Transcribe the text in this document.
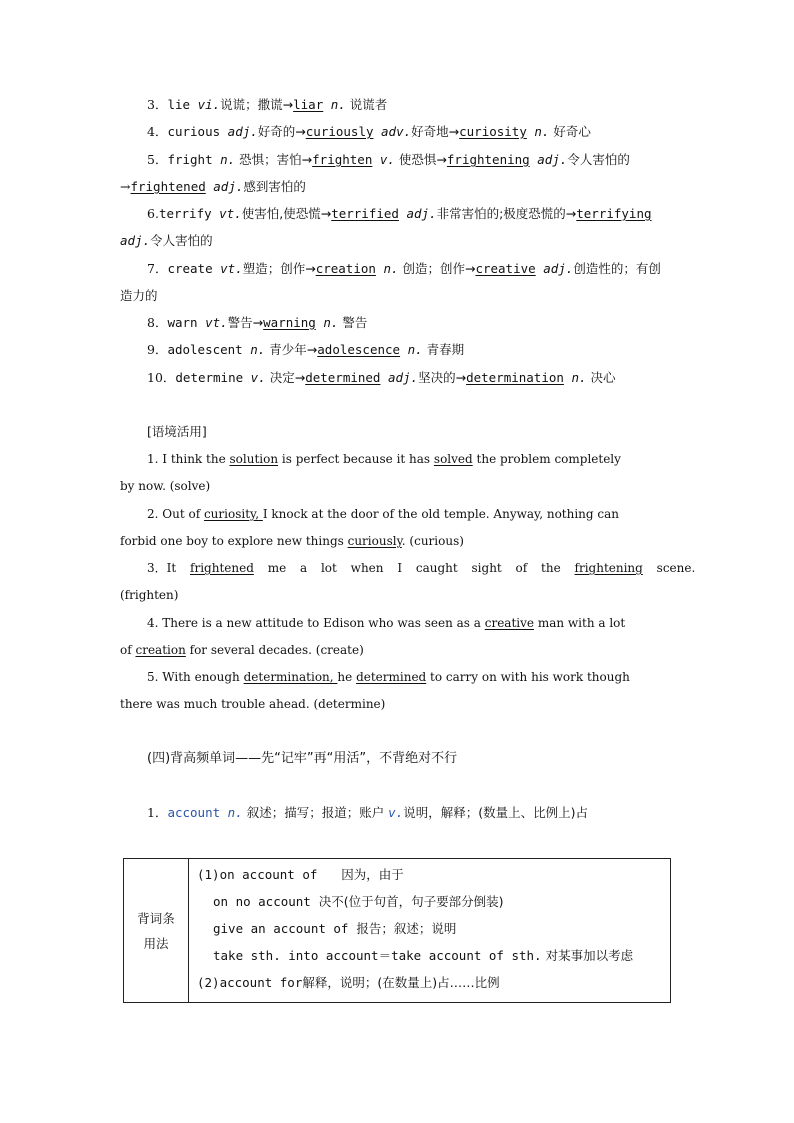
3．lie vi.说谎；撒谎→liar n. 说谎者
4．curious adj.好奇的→curiously adv.好奇地→curiosity n. 好奇心
5．fright n. 恐惧；害怕→frighten v. 使恐惧→frightening adj.令人害怕的
→frightened adj.感到害怕的
6.terrify vt.使害怕,使恐慌→terrified adj.非常害怕的;极度恐慌的→terrifying
adj.令人害怕的
7．create vt.塑造；创作→creation n. 创造；创作→creative adj.创造性的；有创
造力的
8．warn vt.警告→warning n. 警告
9．adolescent n. 青少年→adolescence n. 青春期
10．determine v. 决定→determined adj.坚决的→determination n. 决心
[语境活用]
1. I think the solution is perfect because it has solved the problem completely
by now. (solve)
2. Out of curiosity, I knock at the door of the old temple. Anyway, nothing can
forbid one boy to explore new things curiously. (curious)
3．It frightened me a lot when I caught sight of the frightening scene.
(frighten)
4. There is a new attitude to Edison who was seen as a creative man with a lot
of creation for several decades. (create)
5. With enough determination, he determined to carry on with his work though
there was much trouble ahead. (determine)
(四)背高频单词——先“记牢”再“用活”，不背绝对不行
1．account n. 叙述；描写；报道；账户 v.说明，解释；(数量上、比例上)占
背词条用法	
(1)on account of 因为，由于
on no account 决不(位于句首，句子要部分倒装)
give an account of 报告；叙述；说明
take sth. into account＝take account of sth. 对某事加以考虑
(2)account for解释，说明；(在数量上)占……比例
